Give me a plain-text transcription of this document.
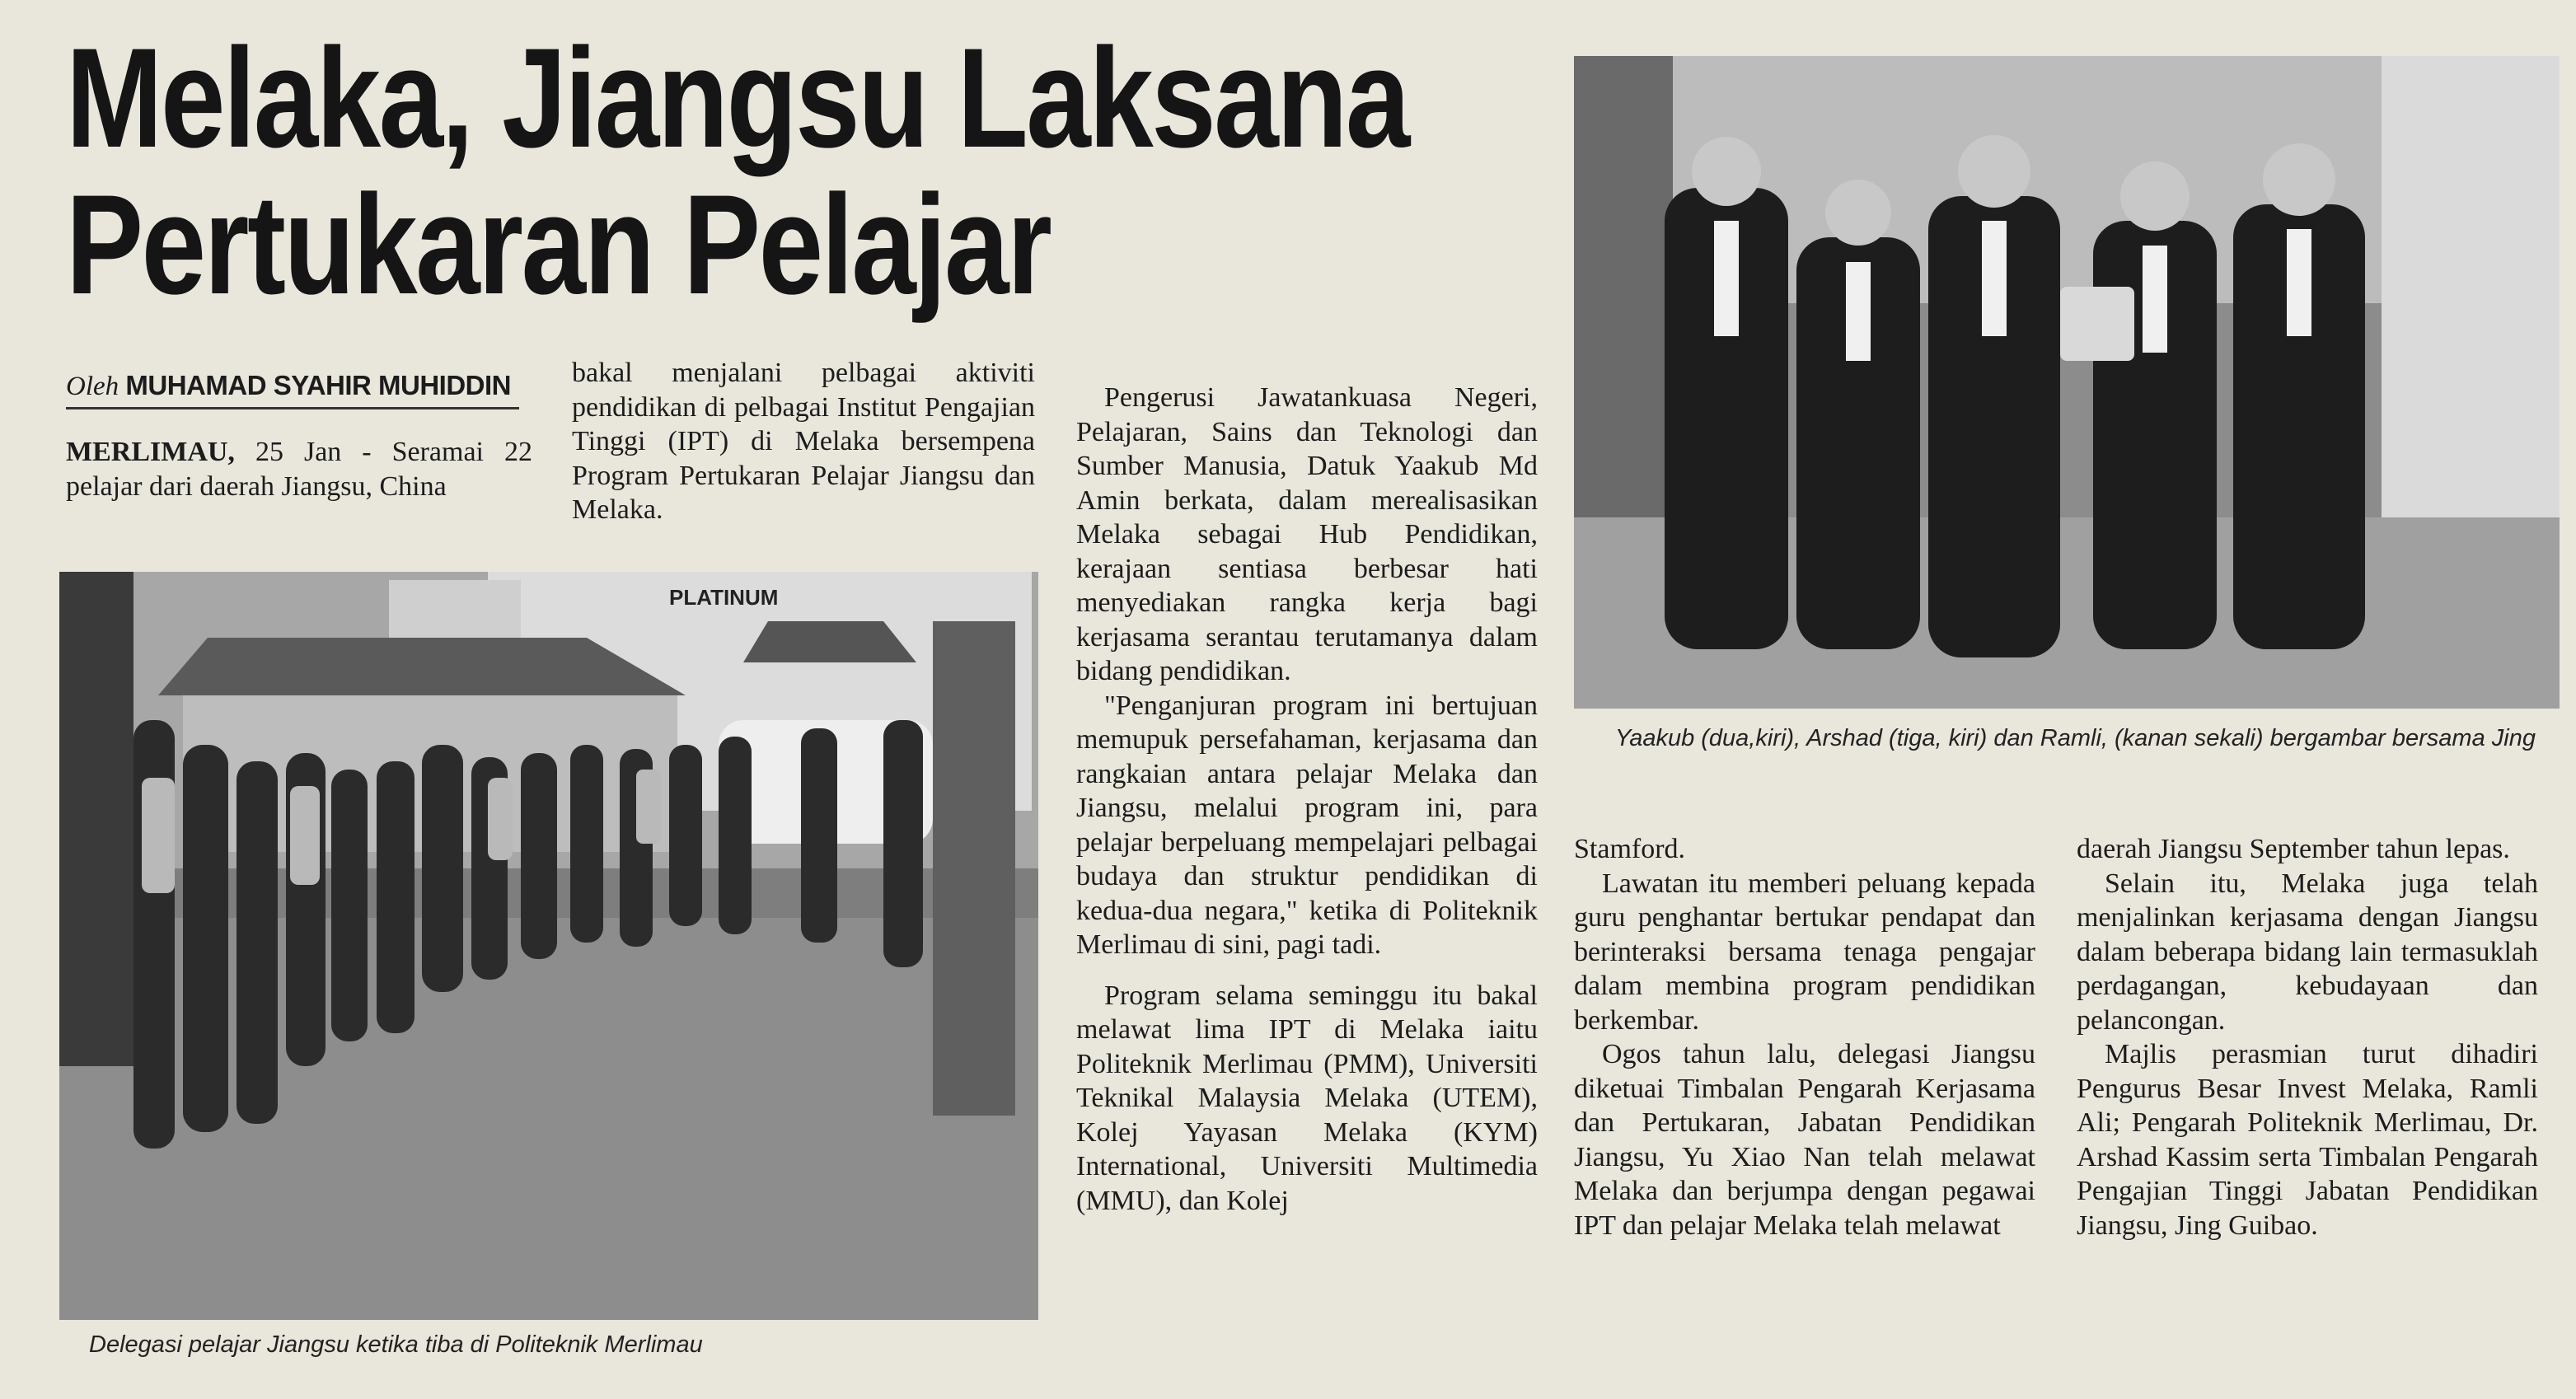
Melaka, Jiangsu Laksana
Pertukaran Pelajar
Oleh MUHAMAD SYAHIR MUHIDDIN

MERLIMAU, 25 Jan - Seramai 22 pelajar dari daerah Jiangsu, China

bakal menjalani pelbagai aktiviti pendidikan di pelbagai Institut Pengajian Tinggi (IPT) di Melaka bersempena Program Pertukaran Pelajar Jiangsu dan Melaka.

PLATINUM
Delegasi pelajar Jiangsu ketika tiba di Politeknik Merlimau

Pengerusi Jawatankuasa Negeri, Pelajaran, Sains dan Teknologi dan Sumber Manusia, Datuk Yaakub Md Amin berkata, dalam merealisasikan Melaka sebagai Hub Pendidikan, kerajaan sentiasa berbesar hati menyediakan rangka kerja bagi kerjasama serantau terutamanya dalam bidang pendidikan.

"Penganjuran program ini bertujuan memupuk persefahaman, kerjasama dan rangkaian antara pelajar Melaka dan Jiangsu, melalui program ini, para pelajar berpeluang mempelajari pelbagai budaya dan struktur pendidikan di kedua-dua negara," ketika di Politeknik Merlimau di sini, pagi tadi.

Program selama seminggu itu bakal melawat lima IPT di Melaka iaitu Politeknik Merlimau (PMM), Universiti Teknikal Malaysia Melaka (UTEM), Kolej Yayasan Melaka (KYM) International, Universiti Multimedia (MMU), dan Kolej

Yaakub (dua,kiri), Arshad (tiga, kiri) dan Ramli, (kanan sekali) bergambar bersama Jing

Stamford.

Lawatan itu memberi peluang kepada guru penghantar bertukar pendapat dan berinteraksi bersama tenaga pengajar dalam membina program pendidikan berkembar.

Ogos tahun lalu, delegasi Jiangsu diketuai Timbalan Pengarah Kerjasama dan Pertukaran, Jabatan Pendidikan Jiangsu, Yu Xiao Nan telah melawat Melaka dan berjumpa dengan pegawai IPT dan pelajar Melaka telah melawat

daerah Jiangsu September tahun lepas.

Selain itu, Melaka juga telah menjalinkan kerjasama dengan Jiangsu dalam beberapa bidang lain termasuklah perdagangan, kebudayaan dan pelancongan.

Majlis perasmian turut dihadiri Pengurus Besar Invest Melaka, Ramli Ali; Pengarah Politeknik Merlimau, Dr. Arshad Kassim serta Timbalan Pengarah Pengajian Tinggi Jabatan Pendidikan Jiangsu, Jing Guibao.
